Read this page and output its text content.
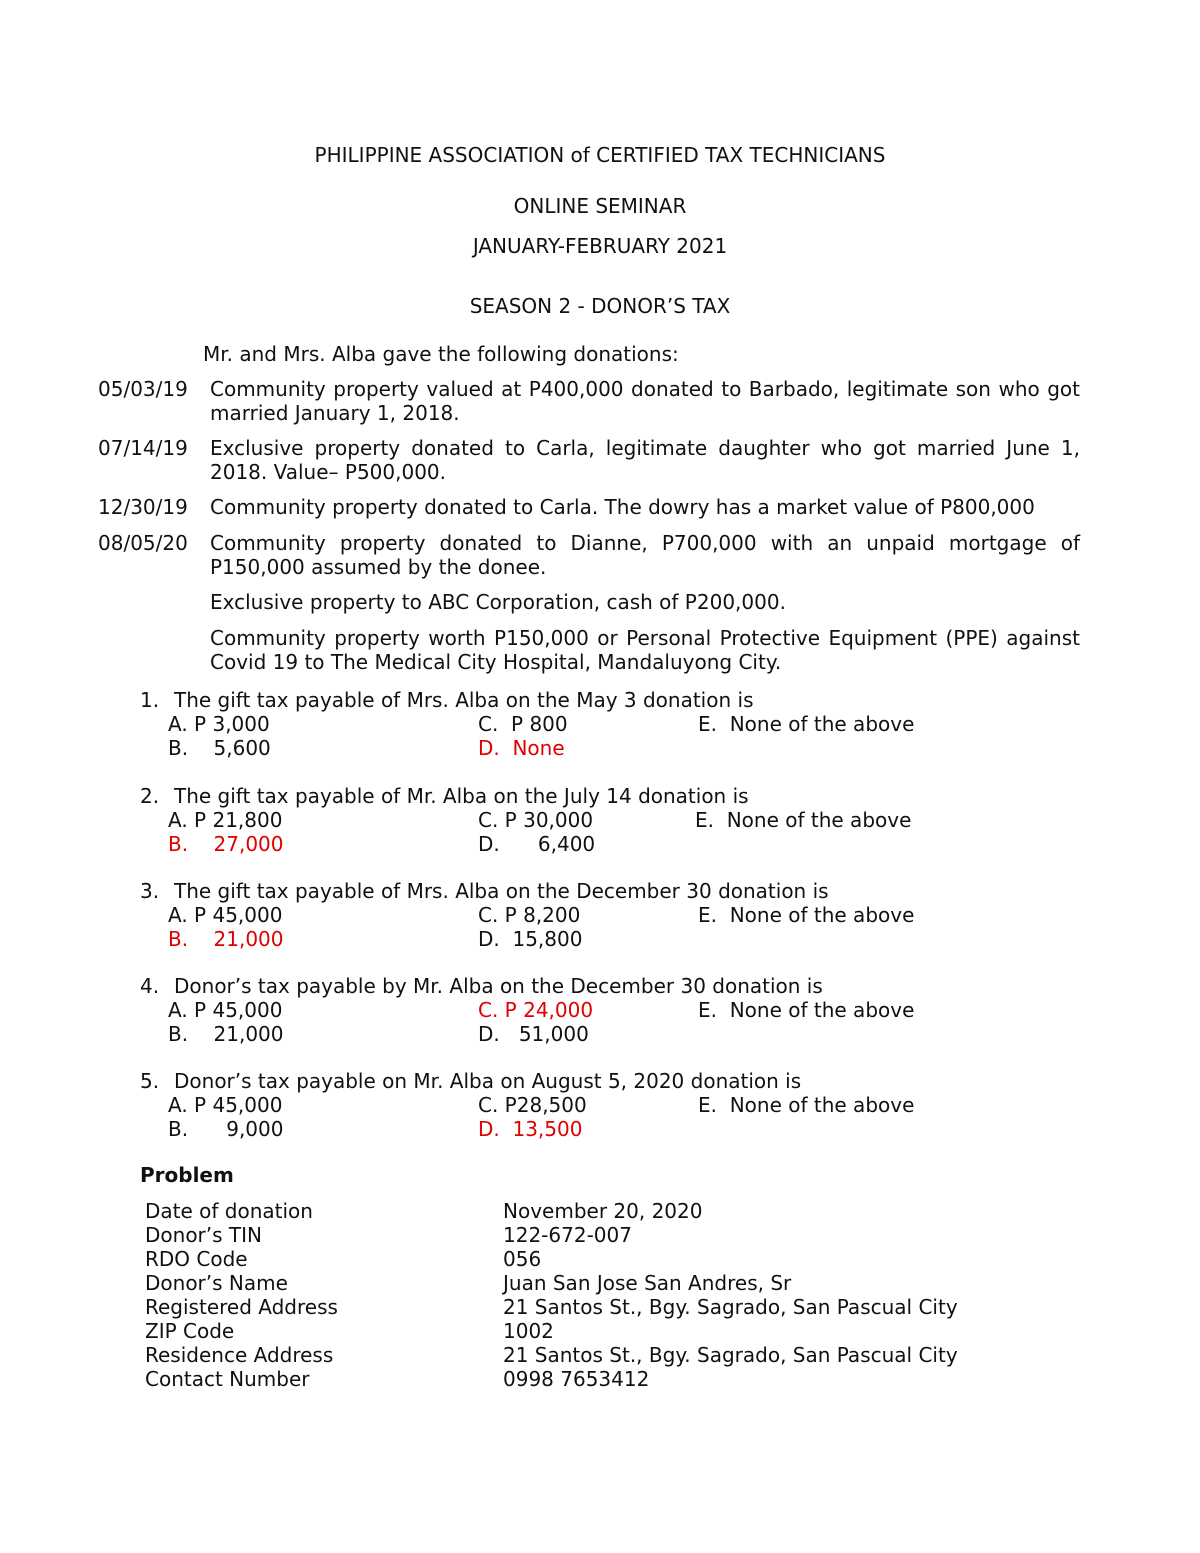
PHILIPPINE ASSOCIATION of CERTIFIED TAX TECHNICIANS
ONLINE SEMINAR
JANUARY-FEBRUARY 2021
SEASON 2 - DONOR’S TAX
Mr. and Mrs. Alba gave the following donations:
05/03/19	Community property valued at P400,000 donated to Barbado, legitimate son who got married January 1, 2018.
07/14/19	Exclusive property donated to Carla, legitimate daughter who got married June 1, 2018. Value– P500,000.
12/30/19	Community property donated to Carla. The dowry has a market value of P800,000
08/05/20	Community property donated to Dianne, P700,000 with an unpaid mortgage of P150,000 assumed by the donee.
Exclusive property to ABC Corporation, cash of P200,000.
Community property worth P150,000 or Personal Protective Equipment (PPE) against Covid 19 to The Medical City Hospital, Mandaluyong City.
1. The gift tax payable of Mrs. Alba on the May 3 donation is
A. P 3,000	C.  P 800	E.  None of the above
B.    5,600	D.  None
2. The gift tax payable of Mr. Alba on the July 14 donation is
A. P 21,800	C. P 30,000	E.  None of the above
B.    27,000	D.      6,400
3. The gift tax payable of Mrs. Alba on the December 30 donation is
A. P 45,000	C. P 8,200	E.  None of the above
B.    21,000	D.  15,800
4. Donor’s tax payable by Mr. Alba on the December 30 donation is
A. P 45,000	C. P 24,000	E.  None of the above
B.    21,000	D.   51,000
5. Donor’s tax payable on Mr. Alba on August 5, 2020 donation is
A. P 45,000	C. P28,500	E.  None of the above
B.      9,000	D.  13,500
Problem
Date of donation	November 20, 2020
Donor’s TIN	122-672-007
RDO Code	056
Donor’s Name	Juan San Jose San Andres, Sr
Registered Address	21 Santos St., Bgy. Sagrado, San Pascual City
ZIP Code	1002
Residence Address	21 Santos St., Bgy. Sagrado, San Pascual City
Contact Number	0998 7653412
